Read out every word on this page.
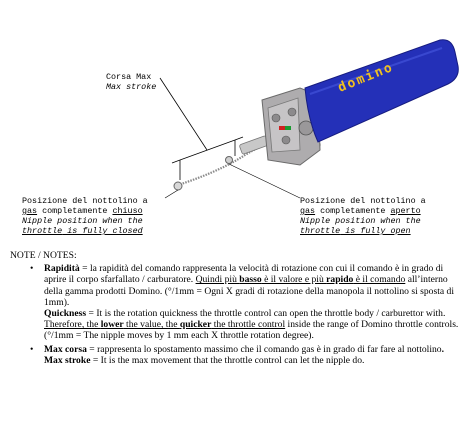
domino
Corsa Max
Max stroke
Posizione del nottolino a
gas completamente chiuso
Nipple position when the
throttle is fully closed
Posizione del nottolino a
gas completamente aperto
Nipple position when the
throttle is fully open
NOTE / NOTES:
• Rapidità = la rapidità del comando rappresenta la velocità di rotazione con cui il comando è in grado di aprire il corpo sfarfallato / carburatore. Quindi più basso è il valore e più rapido è il comando all’interno della gamma prodotti Domino. (°/1mm = Ogni X gradi di rotazione della manopola il nottolino si sposta di 1mm).

Quickness = It is the rotation quickness the throttle control can open the throttle body / carburettor with. Therefore, the lower the value, the quicker the throttle control inside the range of Domino throttle controls. (°/1mm = The nipple moves by 1 mm each X throttle rotation degree).

• Max corsa = rappresenta lo spostamento massimo che il comando gas è in grado di far fare al nottolino.

Max stroke = It is the max movement that the throttle control can let the nipple do.
